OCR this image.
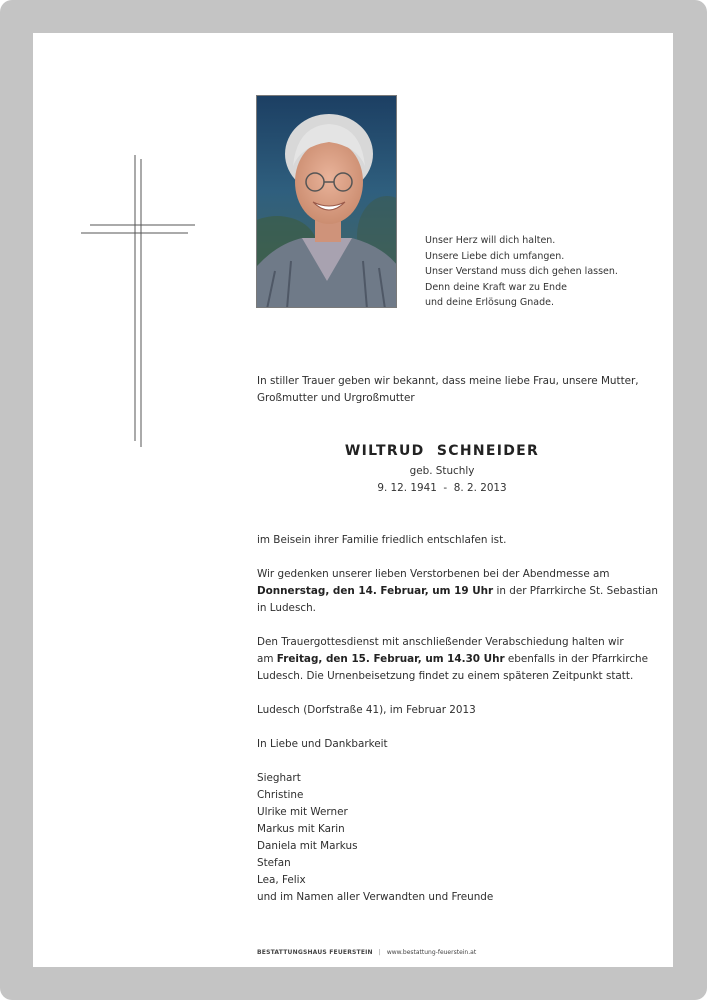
Unser Herz will dich halten.
Unsere Liebe dich umfangen.
Unser Verstand muss dich gehen lassen.
Denn deine Kraft war zu Ende
und deine Erlösung Gnade.
In stiller Trauer geben wir bekannt, dass meine liebe Frau, unsere Mutter,
Großmutter und Urgroßmutter
WILTRUD  SCHNEIDER
geb. Stuchly
9. 12. 1941  -  8. 2. 2013
im Beisein ihrer Familie friedlich entschlafen ist.
Wir gedenken unserer lieben Verstorbenen bei der Abendmesse am
Donnerstag, den 14. Februar, um 19 Uhr in der Pfarrkirche St. Sebastian
in Ludesch.
Den Trauergottesdienst mit anschließender Verabschiedung halten wir
am Freitag, den 15. Februar, um 14.30 Uhr ebenfalls in der Pfarrkirche
Ludesch. Die Urnenbeisetzung findet zu einem späteren Zeitpunkt statt.
Ludesch (Dorfstraße 41), im Februar 2013
In Liebe und Dankbarkeit
Sieghart
Christine
Ulrike mit Werner
Markus mit Karin
Daniela mit Markus
Stefan
Lea, Felix
und im Namen aller Verwandten und Freunde
BESTATTUNGSHAUS FEUERSTEIN | www.bestattung-feuerstein.at
